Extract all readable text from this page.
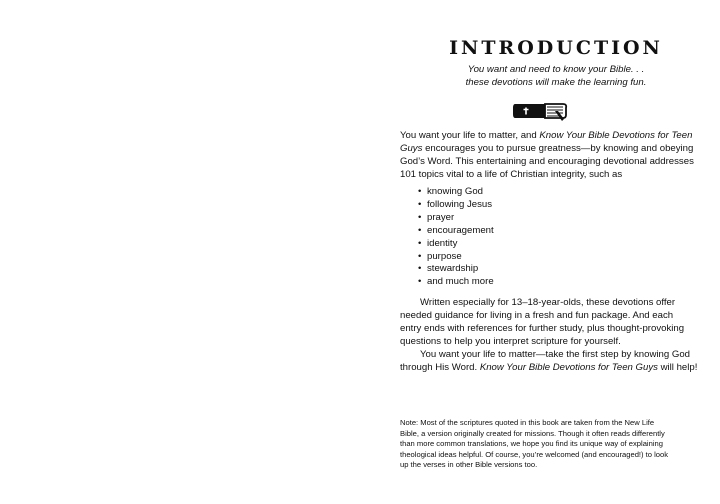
INTRODUCTION
You want and need to know your Bible. . .
these devotions will make the learning fun.
You want your life to matter, and Know Your Bible Devotions for Teen
Guys encourages you to pursue greatness—by knowing and obeying
God’s Word. This entertaining and encouraging devotional addresses
101 topics vital to a life of Christian integrity, such as
• knowing God
• following Jesus
• prayer
• encouragement
• identity
• purpose
• stewardship
• and much more
Written especially for 13–18-year-olds, these devotions offer
needed guidance for living in a fresh and fun package. And each
entry ends with references for further study, plus thought-provoking
questions to help you interpret scripture for yourself.
You want your life to matter—take the first step by knowing God
through His Word. Know Your Bible Devotions for Teen Guys will help!
Note: Most of the scriptures quoted in this book are taken from the New Life
Bible, a version originally created for missions. Though it often reads differently
than more common translations, we hope you find its unique way of explaining
theological ideas helpful. Of course, you’re welcomed (and encouraged!) to look
up the verses in other Bible versions too.
